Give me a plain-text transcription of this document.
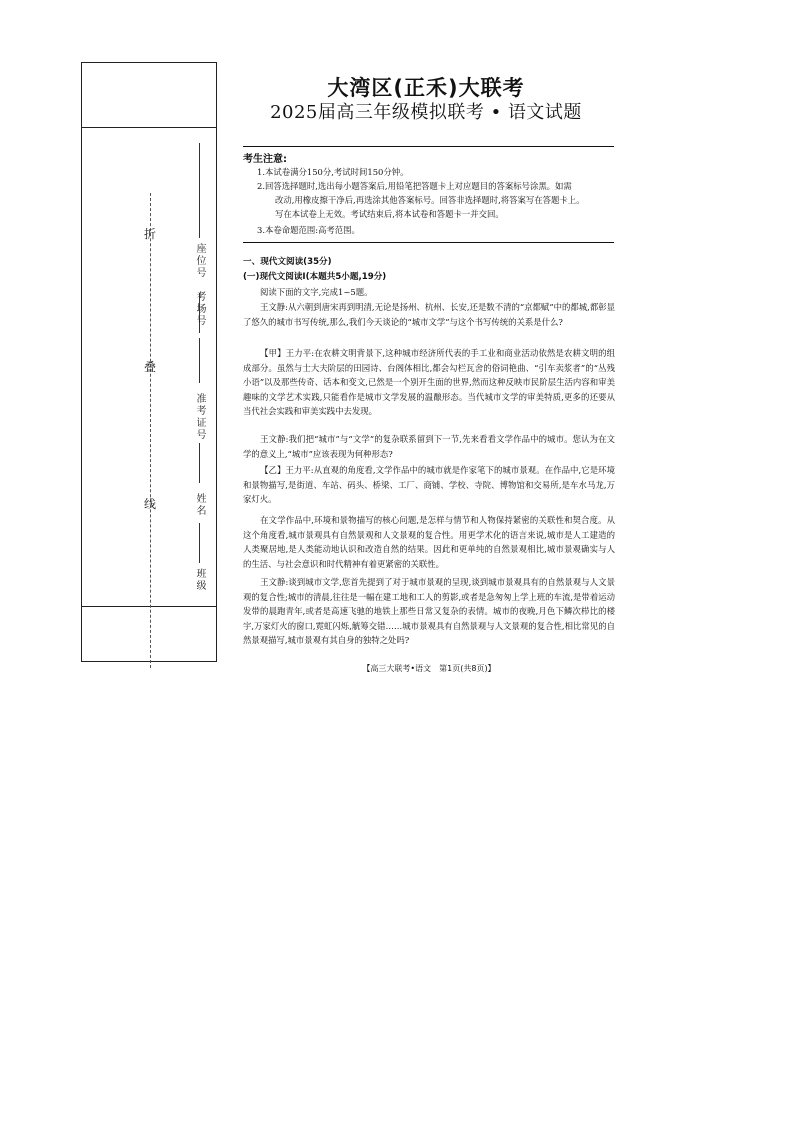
座位号
考场号
准考证号
姓名
班级
折
叠
线
大湾区(正禾)大联考
2025届高三年级模拟联考 • 语文试题
考生注意:
1.本试卷满分150分,考试时间150分钟。
2.回答选择题时,选出每小题答案后,用铅笔把答题卡上对应题目的答案标号涂黑。如需
改动,用橡皮擦干净后,再选涂其他答案标号。回答非选择题时,将答案写在答题卡上。
写在本试卷上无效。考试结束后,将本试卷和答题卡一并交回。
3.本卷命题范围:高考范围。
一、现代文阅读(35分)
(一)现代文阅读Ⅰ(本题共5小题,19分)
阅读下面的文字,完成1~5题。
王文静:从六朝到唐宋再到明清,无论是扬州、杭州、长安,还是数不清的“京都赋”中的都城,都彰显了悠久的城市书写传统,那么,我们今天谈论的“城市文学”与这个书写传统的关系是什么?
【甲】王力平:在农耕文明背景下,这种城市经济所代表的手工业和商业活动依然是农耕文明的组成部分。虽然与士大夫阶层的田园诗、台阁体相比,都会勾栏瓦舍的俗词艳曲、“引车卖浆者”的“丛残小语”以及那些传奇、话本和变文,已然是一个别开生面的世界,然而这种反映市民阶层生活内容和审美趣味的文学艺术实践,只能看作是城市文学发展的温酿形态。当代城市文学的审美特质,更多的还要从当代社会实践和审美实践中去发现。
王文静:我们把“城市”与“文学”的复杂联系留到下一节,先来看看文学作品中的城市。您认为在文学的意义上,“城市”应该表现为何种形态?
【乙】王力平:从直观的角度看,文学作品中的城市就是作家笔下的城市景观。在作品中,它是环境和景物描写,是街道、车站、码头、桥梁、工厂、商铺、学校、寺院、博物馆和交易所,是车水马龙,万家灯火。
在文学作品中,环境和景物描写的核心问题,是怎样与情节和人物保持紧密的关联性和契合度。从这个角度看,城市景观具有自然景观和人文景观的复合性。用更学术化的语言来说,城市是人工建造的人类聚居地,是人类能动地认识和改造自然的结果。因此和更单纯的自然景观相比,城市景观确实与人的生活、与社会意识和时代精神有着更紧密的关联性。
王文静:谈到城市文学,您首先提到了对于城市景观的呈现,谈到城市景观具有的自然景观与人文景观的复合性;城市的清晨,往往是一幅在建工地和工人的剪影,或者是急匆匆上学上班的车流,是带着运动发带的晨跑青年,或者是高速飞驰的地铁上那些日常又复杂的表情。城市的夜晚,月色下鳞次栉比的楼宇,万家灯火的窗口,霓虹闪烁,觥筹交错……城市景观具有自然景观与人文景观的复合性,相比常见的自然景观描写,城市景观有其自身的独特之处吗?
【高三大联考•语文　第1页(共8页)】
